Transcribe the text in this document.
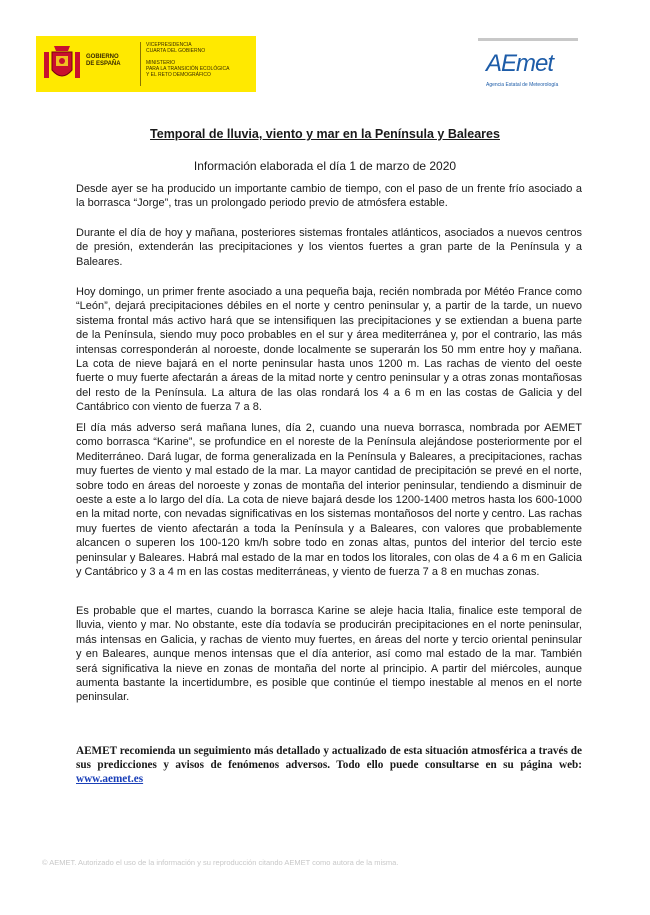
GOBIERNO
DE ESPAÑA
VICEPRESIDENCIA
CUARTA DEL GOBIERNO
MINISTERIO
PARA LA TRANSICIÓN ECOLÓGICA
Y EL RETO DEMOGRÁFICO	AEmet
Agencia Estatal de Meteorología
Temporal de lluvia, viento y mar en la Península y Baleares
Información elaborada el día 1 de marzo de 2020

Desde ayer se ha producido un importante cambio de tiempo, con el paso de un frente frío asociado a la borrasca “Jorge”, tras un prolongado periodo previo de atmósfera estable.

Durante el día de hoy y mañana, posteriores sistemas frontales atlánticos, asociados a nuevos centros de presión, extenderán las precipitaciones y los vientos fuertes a gran parte de la Península y a Baleares.

Hoy domingo, un primer frente asociado a una pequeña baja, recién nombrada por Météo France como “León”, dejará precipitaciones débiles en el norte y centro peninsular y, a partir de la tarde, un nuevo sistema frontal más activo hará que se intensifiquen las precipitaciones y se extiendan a buena parte de la Península, siendo muy poco probables en el sur y área mediterránea y, por el contrario, las más intensas corresponderán al noroeste, donde localmente se superarán los 50 mm entre hoy y mañana. La cota de nieve bajará en el norte peninsular hasta unos 1200 m. Las rachas de viento del oeste fuerte o muy fuerte afectarán a áreas de la mitad norte y centro peninsular y a otras zonas montañosas del resto de la Península. La altura de las olas rondará los 4 a 6 m en las costas de Galicia y del Cantábrico con viento de fuerza 7 a 8.

El día más adverso será mañana lunes, día 2, cuando una nueva borrasca, nombrada por AEMET como borrasca “Karine”, se profundice en el noreste de la Península alejándose posteriormente por el Mediterráneo. Dará lugar, de forma generalizada en la Península y Baleares, a precipitaciones, rachas muy fuertes de viento y mal estado de la mar. La mayor cantidad de precipitación se prevé en el norte, sobre todo en áreas del noroeste y zonas de montaña del interior peninsular, tendiendo a disminuir de oeste a este a lo largo del día. La cota de nieve bajará desde los 1200-1400 metros hasta los 600-1000 en la mitad norte, con nevadas significativas en los sistemas montañosos del norte y centro. Las rachas muy fuertes de viento afectarán a toda la Península y a Baleares, con valores que probablemente alcancen o superen los 100-120 km/h sobre todo en zonas altas, puntos del interior del tercio este peninsular y Baleares. Habrá mal estado de la mar en todos los litorales, con olas de 4 a 6 m en Galicia y Cantábrico y 3 a 4 m en las costas mediterráneas, y viento de fuerza 7 a 8 en muchas zonas.

Es probable que el martes, cuando la borrasca Karine se aleje hacia Italia, finalice este temporal de lluvia, viento y mar. No obstante, este día todavía se producirán precipitaciones en el norte peninsular, más intensas en Galicia, y rachas de viento muy fuertes, en áreas del norte y tercio oriental peninsular y en Baleares, aunque menos intensas que el día anterior, así como mal estado de la mar. También será significativa la nieve en zonas de montaña del norte al principio. A partir del miércoles, aunque aumenta bastante la incertidumbre, es posible que continúe el tiempo inestable al menos en el norte peninsular.

AEMET recomienda un seguimiento más detallado y actualizado de esta situación atmosférica a través de sus predicciones y avisos de fenómenos adversos. Todo ello puede consultarse en su página web: www.aemet.es

© AEMET. Autorizado el uso de la información y su reproducción citando AEMET como autora de la misma.
